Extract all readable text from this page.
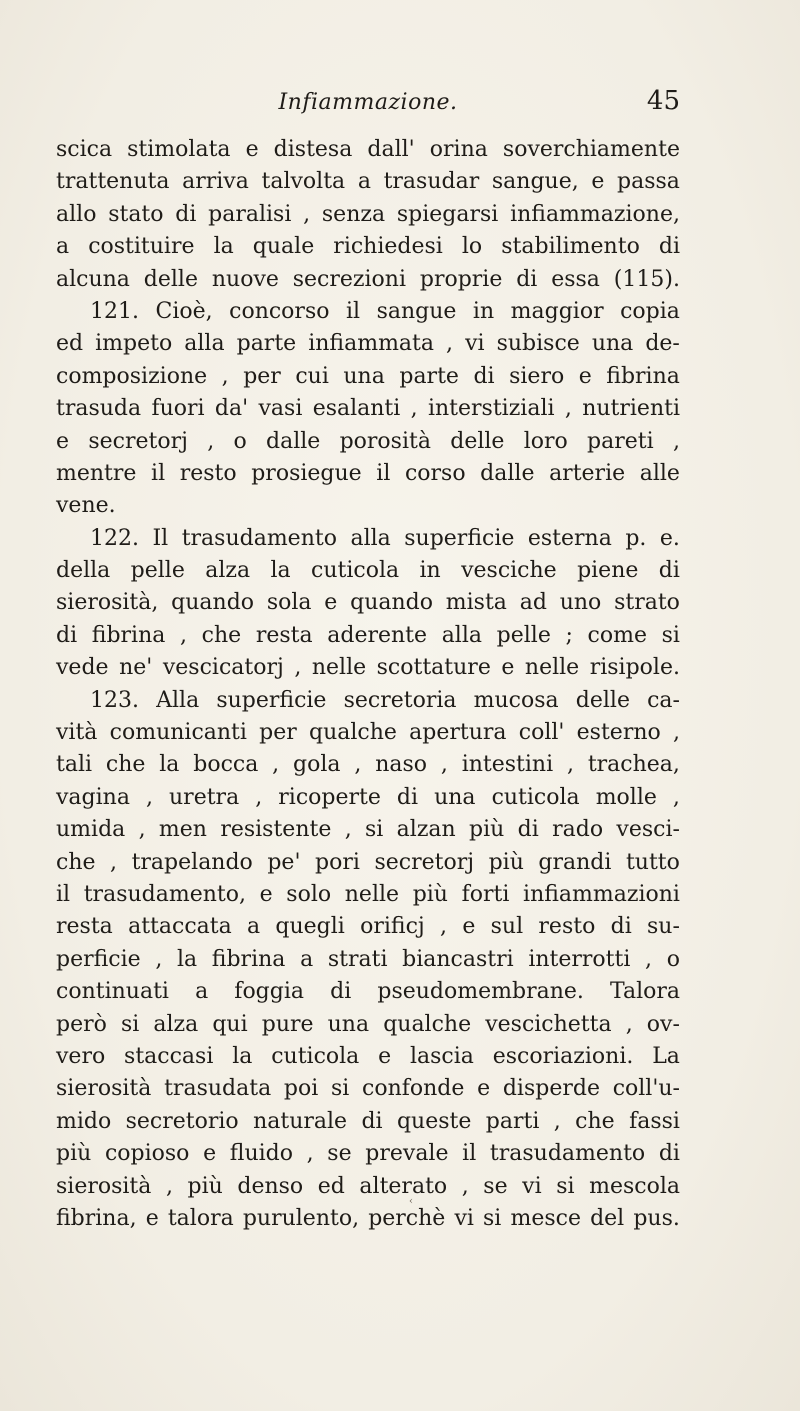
Infiammazione.	45
scica stimolata e distesa dall' orina soverchiamente
trattenuta arriva talvolta a trasudar sangue, e passa
allo stato di paralisi , senza spiegarsi infiammazione,
a costituire la quale richiedesi lo stabilimento di
alcuna delle nuove secrezioni proprie di essa (115).
121. Cioè, concorso il sangue in maggior copia
ed impeto alla parte infiammata , vi subisce una de-
composizione , per cui una parte di siero e fibrina
trasuda fuori da' vasi esalanti , interstiziali , nutrienti
e secretorj , o dalle porosità delle loro pareti ,
mentre il resto prosiegue il corso dalle arterie alle
vene.
122. Il trasudamento alla superficie esterna p. e.
della pelle alza la cuticola in vesciche piene di
sierosità, quando sola e quando mista ad uno strato
di fibrina , che resta aderente alla pelle ; come si
vede ne' vescicatorj , nelle scottature e nelle risipole.
123. Alla superficie secretoria mucosa delle ca-
vità comunicanti per qualche apertura coll' esterno ,
tali che la bocca , gola , naso , intestini , trachea,
vagina , uretra , ricoperte di una cuticola molle ,
umida , men resistente , si alzan più di rado vesci-
che , trapelando pe' pori secretorj più grandi tutto
il trasudamento, e solo nelle più forti infiammazioni
resta attaccata a quegli orificj , e sul resto di su-
perficie , la fibrina a strati biancastri interrotti , o
continuati a foggia di pseudomembrane. Talora
però si alza qui pure una qualche vescichetta , ov-
vero staccasi la cuticola e lascia escoriazioni. La
sierosità trasudata poi si confonde e disperde coll'u-
mido secretorio naturale di queste parti , che fassi
più copioso e fluido , se prevale il trasudamento di
sierosità , più denso ed alterato , se vi si mescola
fibrina, e talora purulento, perchè vi si mesce del pus.
‹
